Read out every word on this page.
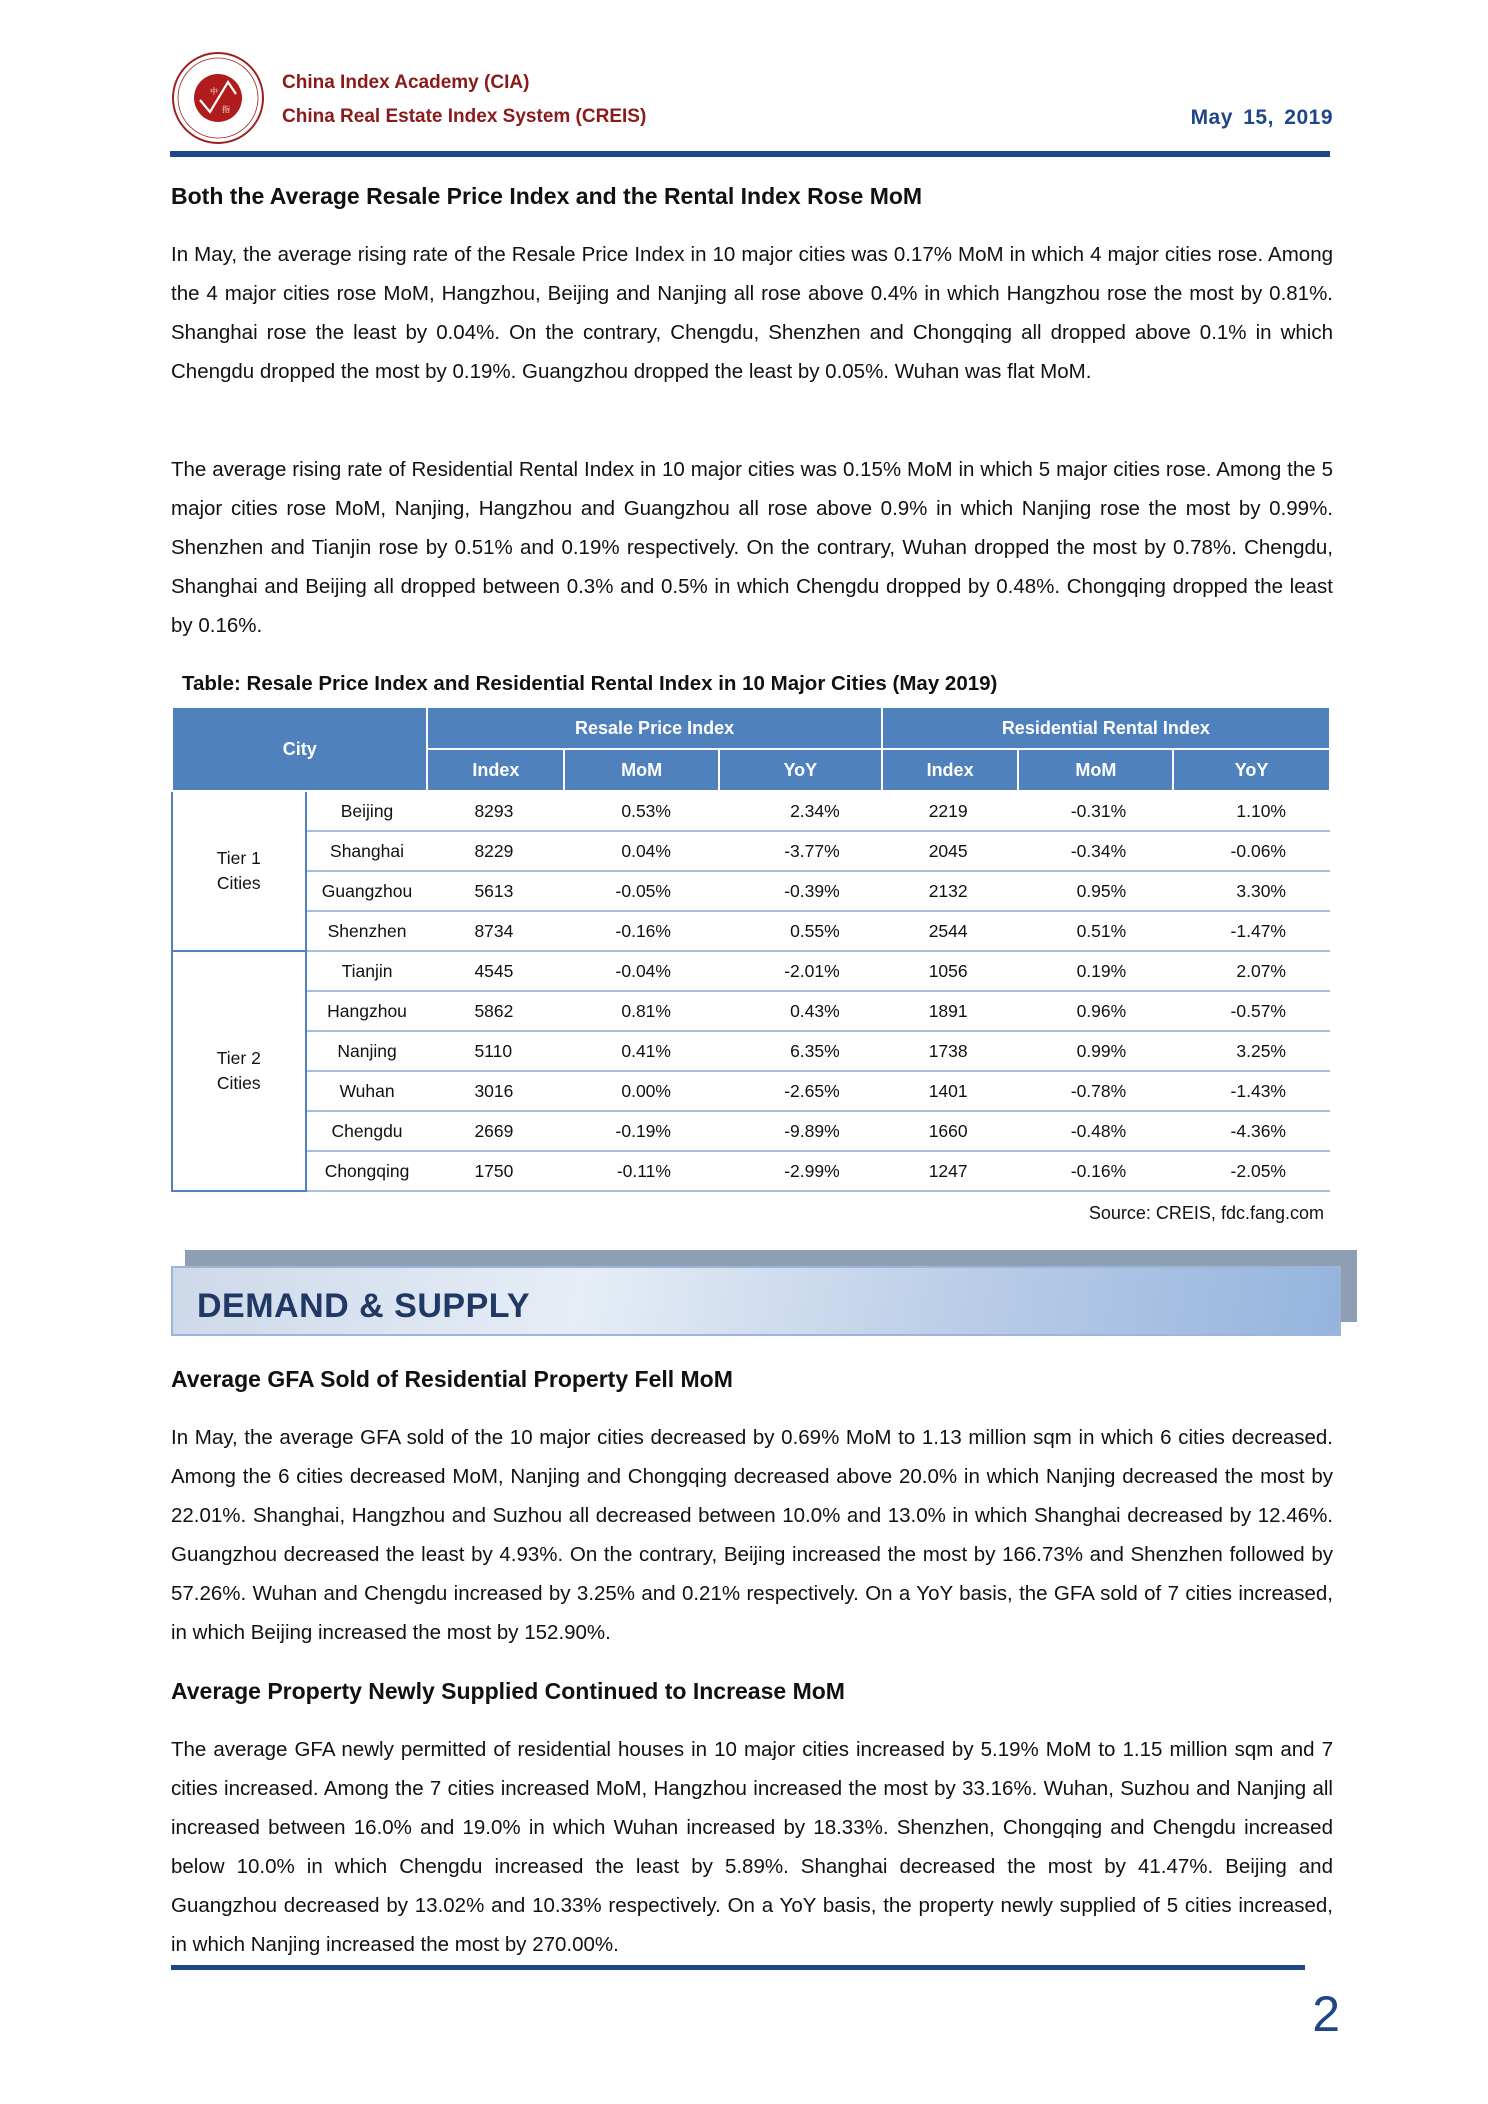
中
指
China Index Academy (CIA)
China Real Estate Index System (CREIS)	May 15, 2019
Both the Average Resale Price Index and the Rental Index Rose MoM

In May, the average rising rate of the Resale Price Index in 10 major cities was 0.17% MoM in which 4 major cities rose. Among the 4 major cities rose MoM, Hangzhou, Beijing and Nanjing all rose above 0.4% in which Hangzhou rose the most by 0.81%. Shanghai rose the least by 0.04%. On the contrary, Chengdu, Shenzhen and Chongqing all dropped above 0.1% in which Chengdu dropped the most by 0.19%. Guangzhou dropped the least by 0.05%. Wuhan was flat MoM.

The average rising rate of Residential Rental Index in 10 major cities was 0.15% MoM in which 5 major cities rose. Among the 5 major cities rose MoM, Nanjing, Hangzhou and Guangzhou all rose above 0.9% in which Nanjing rose the most by 0.99%. Shenzhen and Tianjin rose by 0.51% and 0.19% respectively. On the contrary, Wuhan dropped the most by 0.78%. Chengdu, Shanghai and Beijing all dropped between 0.3% and 0.5% in which Chengdu dropped by 0.48%. Chongqing dropped the least by 0.16%.

Table: Resale Price Index and Residential Rental Index in 10 Major Cities (May 2019)
City		Resale Price Index			Residential Rental Index		
		Index	MoM	YoY	Index	MoM	YoY
Tier 1
Cities	Beijing	8293	0.53%	2.34%	2219	-0.31%	1.10%
	Shanghai	8229	0.04%	-3.77%	2045	-0.34%	-0.06%
	Guangzhou	5613	-0.05%	-0.39%	2132	0.95%	3.30%
	Shenzhen	8734	-0.16%	0.55%	2544	0.51%	-1.47%
Tier 2
Cities	Tianjin	4545	-0.04%	-2.01%	1056	0.19%	2.07%
	Hangzhou	5862	0.81%	0.43%	1891	0.96%	-0.57%
	Nanjing	5110	0.41%	6.35%	1738	0.99%	3.25%
	Wuhan	3016	0.00%	-2.65%	1401	-0.78%	-1.43%
	Chengdu	2669	-0.19%	-9.89%	1660	-0.48%	-4.36%
	Chongqing	1750	-0.11%	-2.99%	1247	-0.16%	-2.05%
Source: CREIS, fdc.fang.com
DEMAND & SUPPLY
Average GFA Sold of Residential Property Fell MoM

In May, the average GFA sold of the 10 major cities decreased by 0.69% MoM to 1.13 million sqm in which 6 cities decreased. Among the 6 cities decreased MoM, Nanjing and Chongqing decreased above 20.0% in which Nanjing decreased the most by 22.01%. Shanghai, Hangzhou and Suzhou all decreased between 10.0% and 13.0% in which Shanghai decreased by 12.46%. Guangzhou decreased the least by 4.93%. On the contrary, Beijing increased the most by 166.73% and Shenzhen followed by 57.26%. Wuhan and Chengdu increased by 3.25% and 0.21% respectively. On a YoY basis, the GFA sold of 7 cities increased, in which Beijing increased the most by 152.90%.

Average Property Newly Supplied Continued to Increase MoM

The average GFA newly permitted of residential houses in 10 major cities increased by 5.19% MoM to 1.15 million sqm and 7 cities increased. Among the 7 cities increased MoM, Hangzhou increased the most by 33.16%. Wuhan, Suzhou and Nanjing all increased between 16.0% and 19.0% in which Wuhan increased by 18.33%. Shenzhen, Chongqing and Chengdu increased below 10.0% in which Chengdu increased the least by 5.89%. Shanghai decreased the most by 41.47%. Beijing and Guangzhou decreased by 13.02% and 10.33% respectively. On a YoY basis, the property newly supplied of 5 cities increased, in which Nanjing increased the most by 270.00%.

2
